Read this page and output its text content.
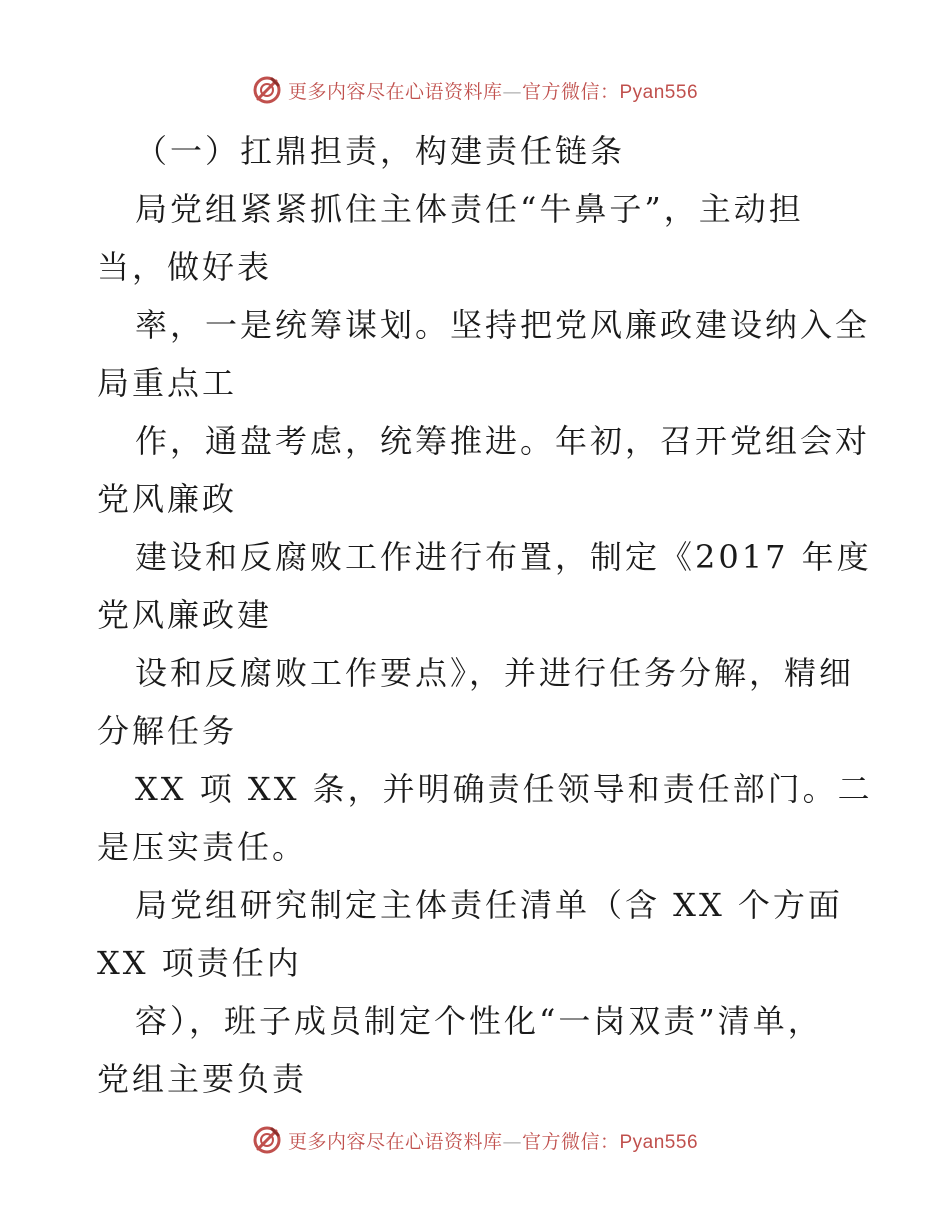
更多内容尽在心语资料库—官方微信：Pyan556
（一）扛鼎担责，构建责任链条
局党组紧紧抓住主体责任“牛鼻子”，主动担
当，做好表
率，一是统筹谋划。坚持把党风廉政建设纳入全
局重点工
作，通盘考虑，统筹推进。年初，召开党组会对
党风廉政
建设和反腐败工作进行布置，制定《2017 年度
党风廉政建
设和反腐败工作要点》，并进行任务分解，精细
分解任务
XX 项 XX 条，并明确责任领导和责任部门。二
是压实责任。
局党组研究制定主体责任清单（含 XX 个方面
XX 项责任内
容），班子成员制定个性化“一岗双责”清单，
党组主要负责
更多内容尽在心语资料库—官方微信：Pyan556
